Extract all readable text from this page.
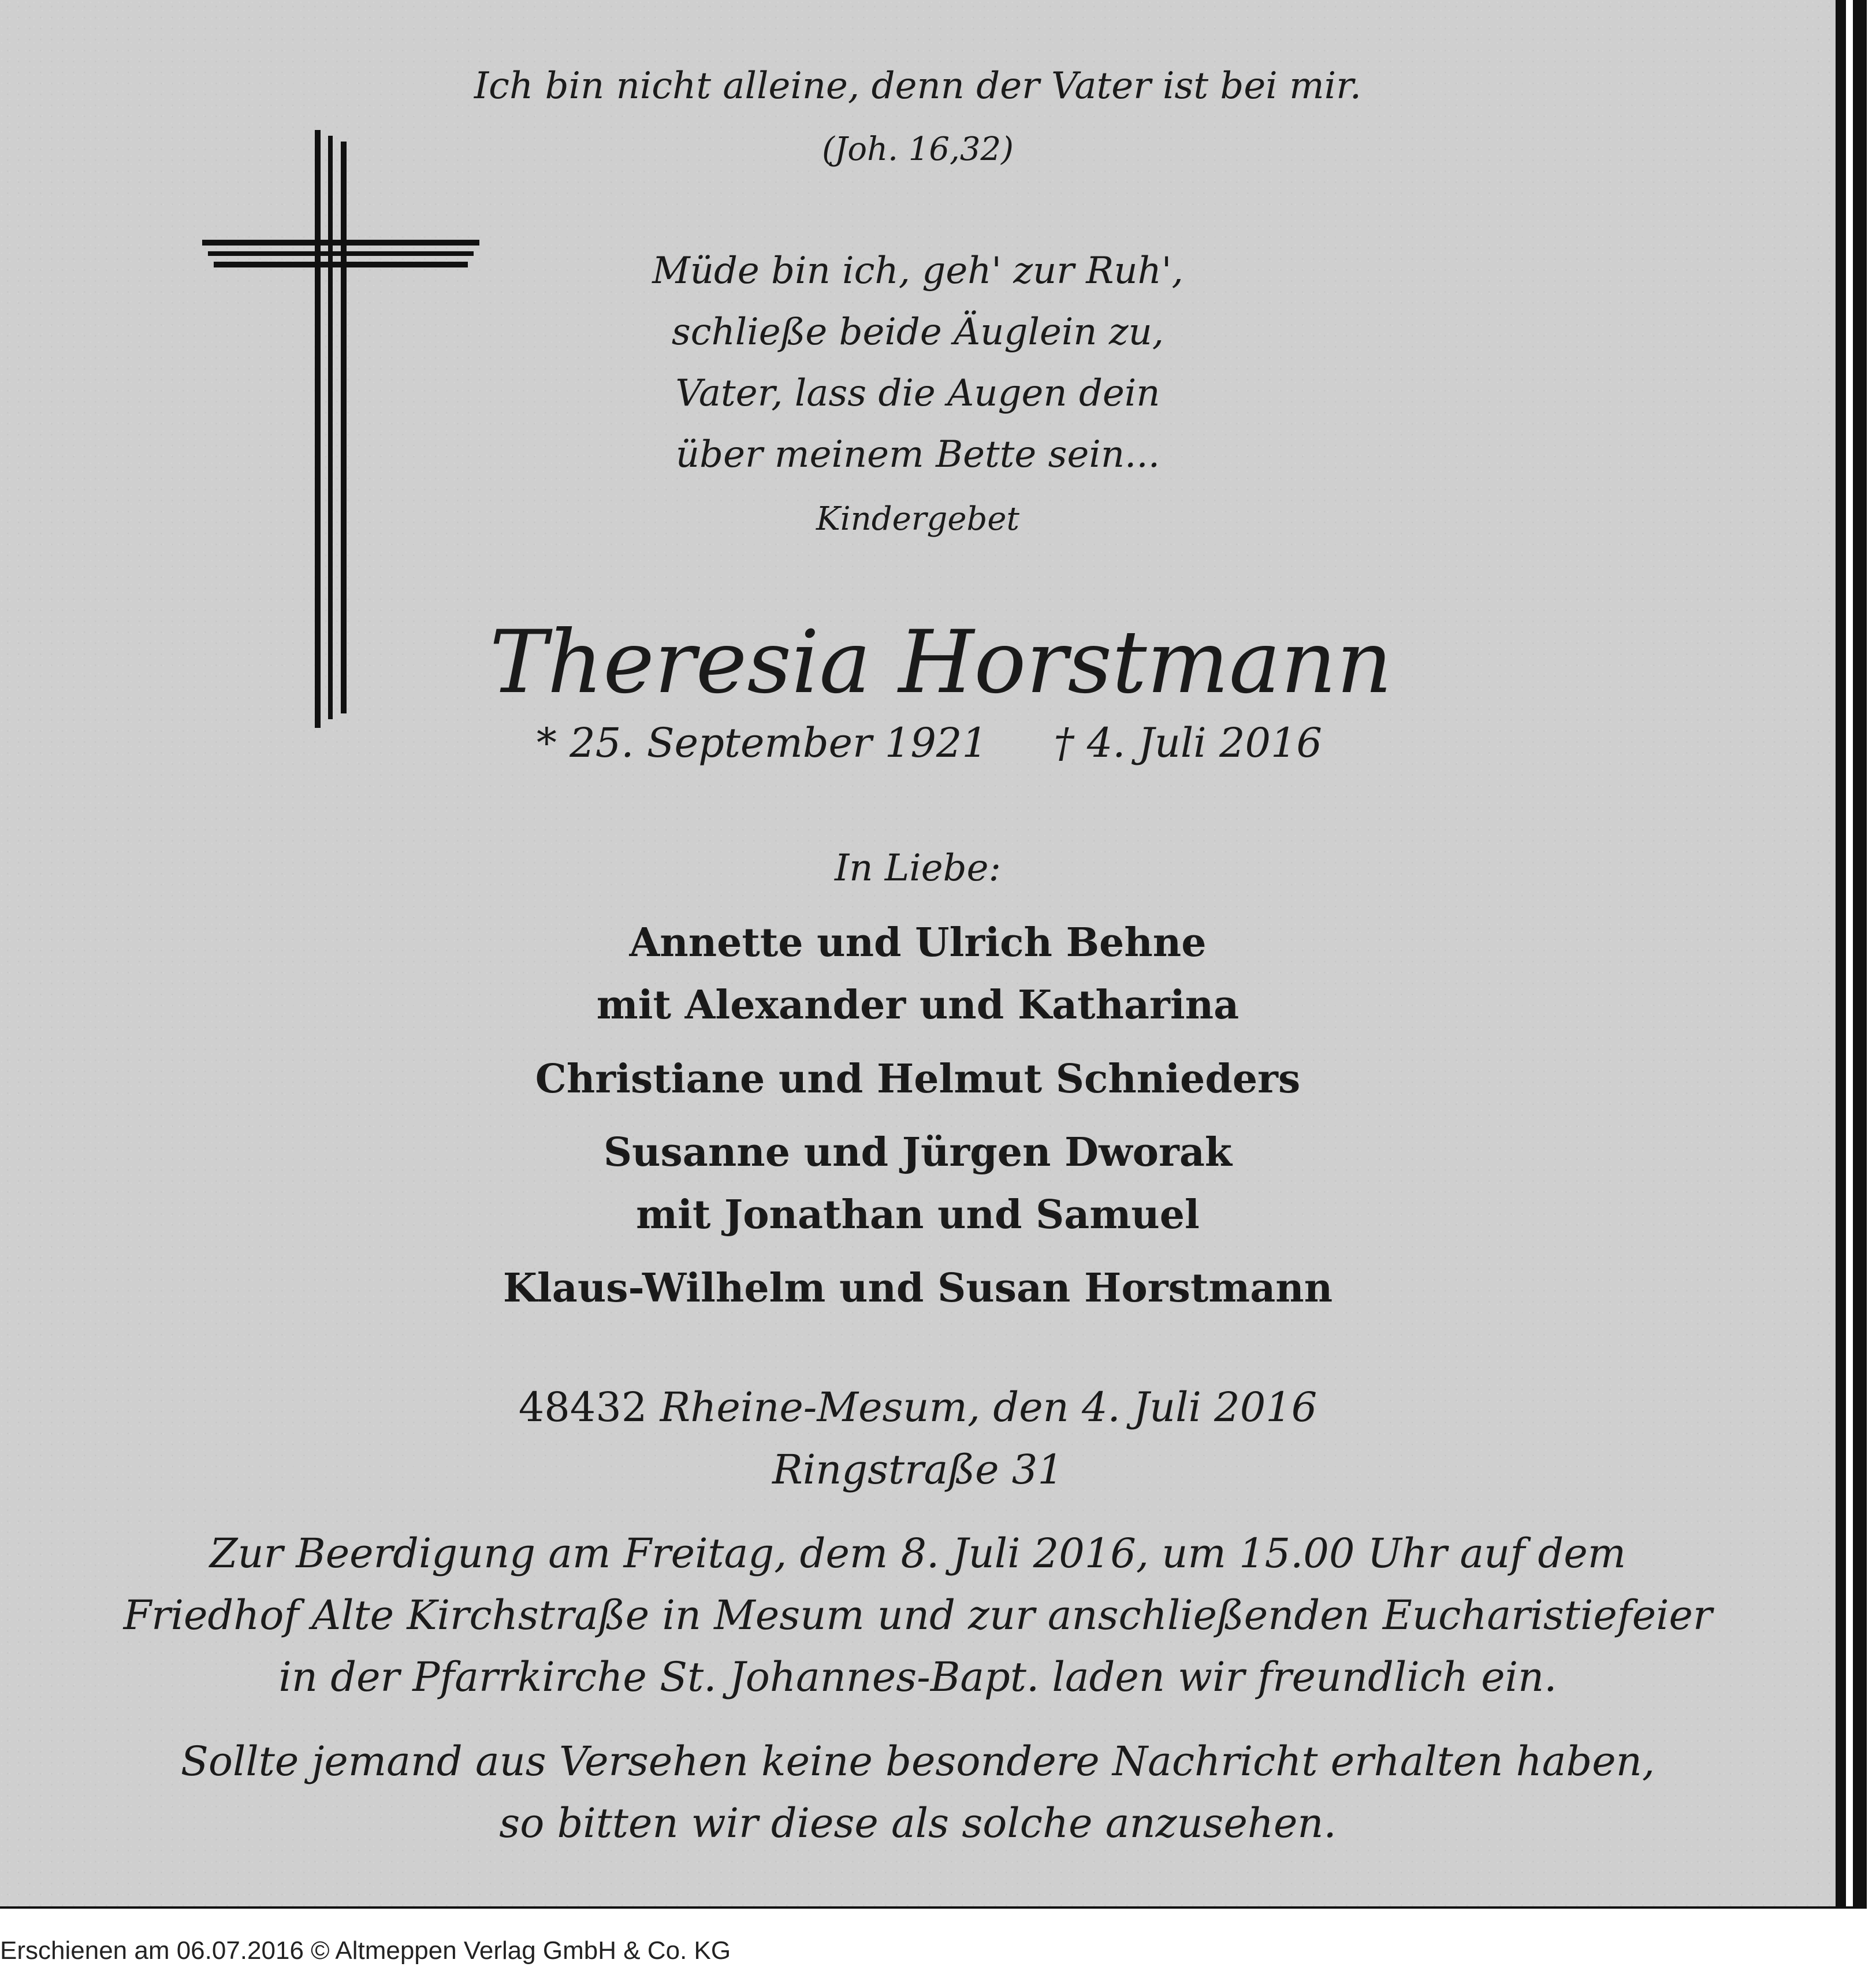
Ich bin nicht alleine, denn der Vater ist bei mir.
(Joh. 16,32)
Müde bin ich, geh' zur Ruh',
schließe beide Äuglein zu,
Vater, lass die Augen dein
über meinem Bette sein...
Kindergebet
Theresia Horstmann
* 25. September 1921 † 4. Juli 2016
In Liebe:
Annette und Ulrich Behne
mit Alexander und Katharina
Christiane und Helmut Schnieders
Susanne und Jürgen Dworak
mit Jonathan und Samuel
Klaus-Wilhelm und Susan Horstmann
48432 Rheine-Mesum, den 4. Juli 2016
Ringstraße 31
Zur Beerdigung am Freitag, dem 8. Juli 2016, um 15.00 Uhr auf dem
Friedhof Alte Kirchstraße in Mesum und zur anschließenden Eucharistiefeier
in der Pfarrkirche St. Johannes-Bapt. laden wir freundlich ein.
Sollte jemand aus Versehen keine besondere Nachricht erhalten haben,
so bitten wir diese als solche anzusehen.
Erschienen am 06.07.2016 © Altmeppen Verlag GmbH & Co. KG
